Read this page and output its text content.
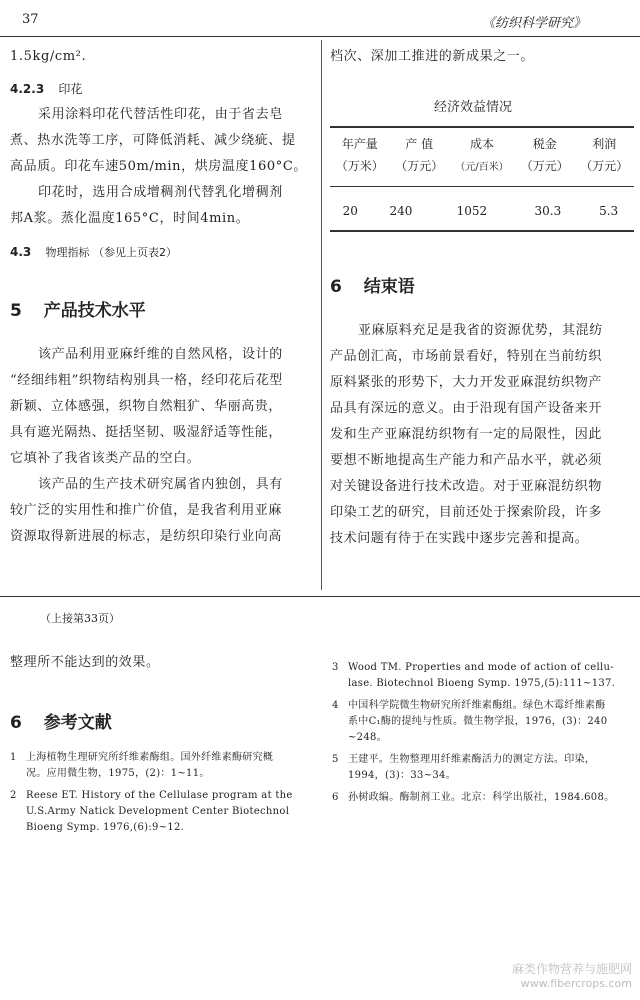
37	《纺织科学研究》
1.5kg/cm².
4.2.3 印花
采用涂料印花代替活性印花，由于省去皂
煮、热水洗等工序，可降低消耗、减少绕疵、提
高品质。印花车速50m/min，烘房温度160°C。
印花时，选用合成增稠剂代替乳化增稠剂
邦A浆。蒸化温度165°C，时间4min。
4.3 物理指标 （参见上页表2）
5 产品技术水平
该产品利用亚麻纤维的自然风格，设计的
“经细纬粗”织物结构别具一格，经印花后花型
新颖、立体感强，织物自然粗犷、华丽高贵，
具有遮光隔热、挺括坚韧、吸湿舒适等性能，
它填补了我省该类产品的空白。
该产品的生产技术研究属省内独创，具有
较广泛的实用性和推广价值，是我省利用亚麻
资源取得新进展的标志，是纺织印染行业向高
档次、深加工推进的新成果之一。
经济效益情况
年产量	产 值	成本	税金	利润
（万米）	（万元）	（元/百米）	（万元）	（万元）
20	240	1052	30.3	5.3
6 结束语
亚麻原料充足是我省的资源优势，其混纺
产品创汇高，市场前景看好，特别在当前纺织
原料紧张的形势下，大力开发亚麻混纺织物产
品具有深远的意义。由于沿现有国产设备来开
发和生产亚麻混纺织物有一定的局限性，因此
要想不断地提高生产能力和产品水平，就必须
对关键设备进行技术改造。对于亚麻混纺织物
印染工艺的研究，目前还处于探索阶段，许多
技术问题有待于在实践中逐步完善和提高。
（上接第33页）
整理所不能达到的效果。
6 参考文献
1 上海植物生理研究所纤维素酶组。国外纤维素酶研究概
况。应用微生物，1975，(2)：1~11。
2 Reese ET. History of the Cellulase program at the
U.S.Army Natick Development Center Biotechnol
Bioeng Symp. 1976,(6):9~12.
3 Wood TM. Properties and mode of action of cellu-
lase. Biotechnol Bioeng Symp. 1975,(5):111~137.
4 中国科学院微生物研究所纤维素酶组。绿色木霉纤维素酶
系中C₁酶的提纯与性质。微生物学报，1976，(3)：240
~248。
5 王建平。生物整理用纤维素酶活力的测定方法。印染，
1994，(3)：33~34。
6 孙树政编。酶制剂工业。北京：科学出版社，1984.608。
麻类作物营养与施肥网
www.fibercrops.com
